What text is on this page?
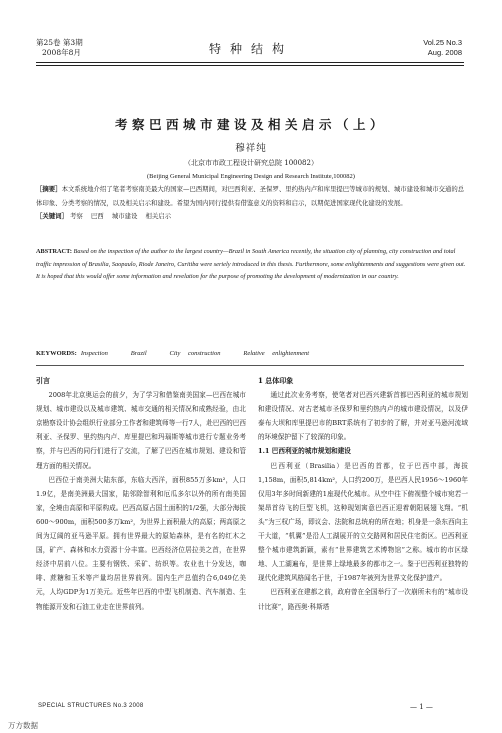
第25卷 第3期
2008年8月	特种结构	Vol.25 No.3
Aug. 2008
考察巴西城市建设及相关启示（上）
穆祥纯
（北京市市政工程设计研究总院 100082）
(Beijing General Municipal Engineering Design and Research Institute,100082)
［摘要］本文系统地介绍了笔者考察南美最大的国家—巴西期间，对巴西利亚、圣保罗、里约热内卢和库里提巴等城市的规划、城市建设和城市交通的总体印象、分类考察的情况，以及相关启示和建设。希望为国内同行提供有借鉴意义的资料和启示，以期促进国家现代化建设的发展。
［关键词］ 考察    巴西    城市建设    相关启示
ABSTRACT: Based on the inspection of the author to the largest country—Brazil in South America recently, the situation city of planning, city construction and total traffic impression of Brasilia, Saopaulo, Riode Janeiro, Curitiba were seriely introduced in this thesis. Furthermore, some enlightenments and suggestions were given out. It is hoped that this would offer some information and revelation for the purpose of promoting the development of modernization in our country.
KEYWORDS: Inspection   Brazil   City construction   Relative enlightenment
引言

2008年北京奥运会的前夕，为了学习和借鉴南美国家—巴西在城市规划、城市建设以及城市建筑、城市交通的相关情况和成熟经验，由北京勘察设计协会组织行业部分工作者和建筑师等一行7人，赴巴西的巴西利亚、圣保罗、里约热内卢、库里提巴和玛瑙斯等城市进行专题业务考察，并与巴西的同行们进行了交流，了解了巴西在城市规划、建设和管理方面的相关情况。

巴西位于南美洲大陆东部，东临大西洋，面积855万多km²，人口1.9亿，是南美洲最大国家，陆邻除智利和厄瓜多尔以外的所有南美国家，全境由高原和平原构成。巴西高原占国土面积的1/2强，大部分海拔600～900m，面积500多万km²，为世界上面积最大的高原；两高原之间为辽阔的亚马逊平原。拥有世界最大的原始森林，是有名的红木之国，矿产、森林和水力资源十分丰富。巴西经济位居拉美之首，在世界经济中居前八位。主要有钢铁、采矿、纺织等。农业也十分发达，咖啡、蔗糖和玉米等产量均居世界前列。国内生产总值约合6,049亿美元，人均GDP为1万美元。近些年巴西的中型飞机制造、汽车制造、生物能源开发和石油工业走在世界前列。

1 总体印象

通过此次业务考察，使笔者对巴西兴建新首都巴西利亚的城市规划和建设情况、对古老城市圣保罗和里约热内卢的城市建设情况，以及伊泰布大坝和库里提巴市的BRT系统有了初步的了解，并对亚马逊河流域的环境保护留下了较深的印象。

1.1 巴西利亚的城市规划和建设

巴西利亚（Brasilia）是巴西的首都，位于巴西中部，海拔1,158m，面积5,814km²，人口约200万，是巴西人民1956～1960年仅用3年多时间新建的1座现代化城市。从空中往下俯视整个城市宛若一架昂首待飞的巨型飞机，这种现划寓意巴西正迎着朝阳展翅飞翔。“机头”为三权广场，即议会、法院和总统府的所在地；机身是一条东西向主干大道，“机翼”是沿人工湖展开的立交路网和居民住宅街区。巴西利亚整个城市建筑新颖，素有“世界建筑艺术博物馆”之称。城市的市区绿地、人工湖遍布，是世界上绿地最多的都市之一。鉴于巴西利亚独特的现代化建筑风格闻名于世，于1987年被列为世界文化保护遗产。

巴西利亚在建都之前，政府曾在全国举行了一次崩所未有的“城市设计比赛”，路西奥·科斯塔

SPECIAL STRUCTURES No.3 2008	— 1 —
万方数据
